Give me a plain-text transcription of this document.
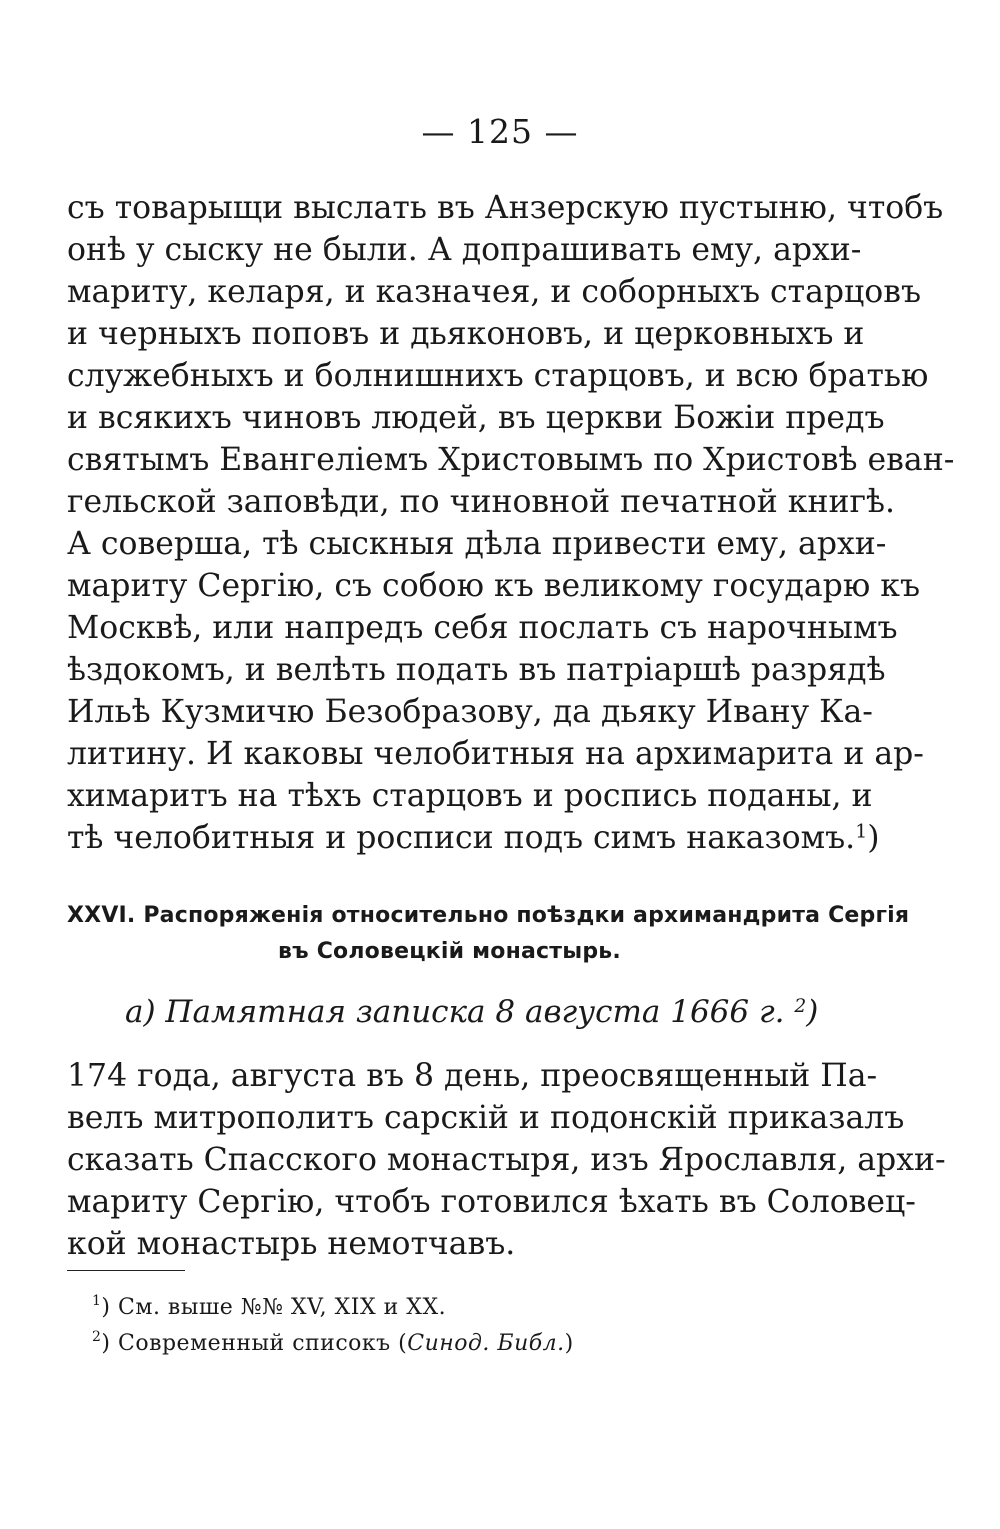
— 125 —
съ товарыщи выслать въ Анзерскую пустыню, чтобъ
онѣ у сыску не были. А допрашивать ему, архи-
мариту, келаря, и казначея, и соборныхъ старцовъ
и черныхъ поповъ и дьяконовъ, и церковныхъ и
служебныхъ и болнишнихъ старцовъ, и всю братью
и всякихъ чиновъ людей, въ церкви Божіи предъ
святымъ Евангеліемъ Христовымъ по Христовѣ еван-
гельской заповѣди, по чиновной печатной книгѣ.
А соверша, тѣ сыскныя дѣла привести ему, архи-
мариту Сергію, съ собою къ великому государю къ
Москвѣ, или напредъ себя послать съ нарочнымъ
ѣздокомъ, и велѣть подать въ патріаршѣ разрядѣ
Ильѣ Кузмичю Безобразову, да дьяку Ивану Ка-
литину. И каковы челобитныя на архимарита и ар-
химаритъ на тѣхъ старцовъ и роспись поданы, и
тѣ челобитныя и росписи подъ симъ наказомъ.$^1$)
XXVI. Распоряженія относительно поѣздки архимандрита Сергія
въ Соловецкій монастырь.
а) Памятная записка 8 августа 1666 г. $^2$)
174 года, августа въ 8 день, преосвященный Па-
велъ митрополитъ сарскій и подонскій приказалъ
сказать Спасского монастыря, изъ Ярославля, архи-
мариту Сергію, чтобъ готовился ѣхать въ Соловец-
кой монастырь немотчавъ.
$^1$) См. выше №№ XV, XIX и XX.
$^2$) Современный списокъ (Синод. Библ.)
